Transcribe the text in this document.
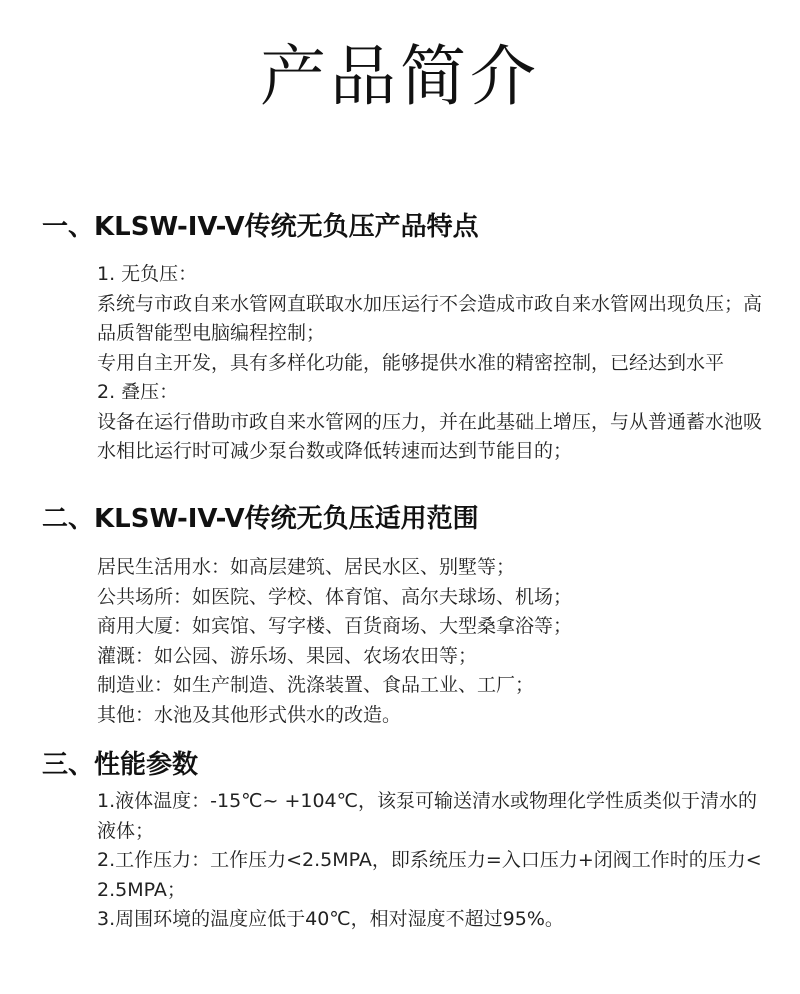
产品简介
一、KLSW-IV-V传统无负压产品特点
1. 无负压：
系统与市政自来水管网直联取水加压运行不会造成市政自来水管网出现负压；高品质智能型电脑编程控制；
专用自主开发，具有多样化功能，能够提供水准的精密控制，已经达到水平
2. 叠压：
设备在运行借助市政自来水管网的压力，并在此基础上增压，与从普通蓄水池吸水相比运行时可减少泵台数或降低转速而达到节能目的；
二、KLSW-IV-V传统无负压适用范围
居民生活用水：如高层建筑、居民水区、别墅等；
公共场所：如医院、学校、体育馆、高尔夫球场、机场；
商用大厦：如宾馆、写字楼、百货商场、大型桑拿浴等；
灌溉：如公园、游乐场、果园、农场农田等；
制造业：如生产制造、洗涤装置、食品工业、工厂；
其他：水池及其他形式供水的改造。
三、性能参数
1.液体温度：-15℃~ +104℃，该泵可输送清水或物理化学性质类似于清水的液体；
2.工作压力：工作压力<2.5MPA，即系统压力=入口压力+闭阀工作时的压力<2.5MPA；
3.周围环境的温度应低于40℃，相对湿度不超过95%。
